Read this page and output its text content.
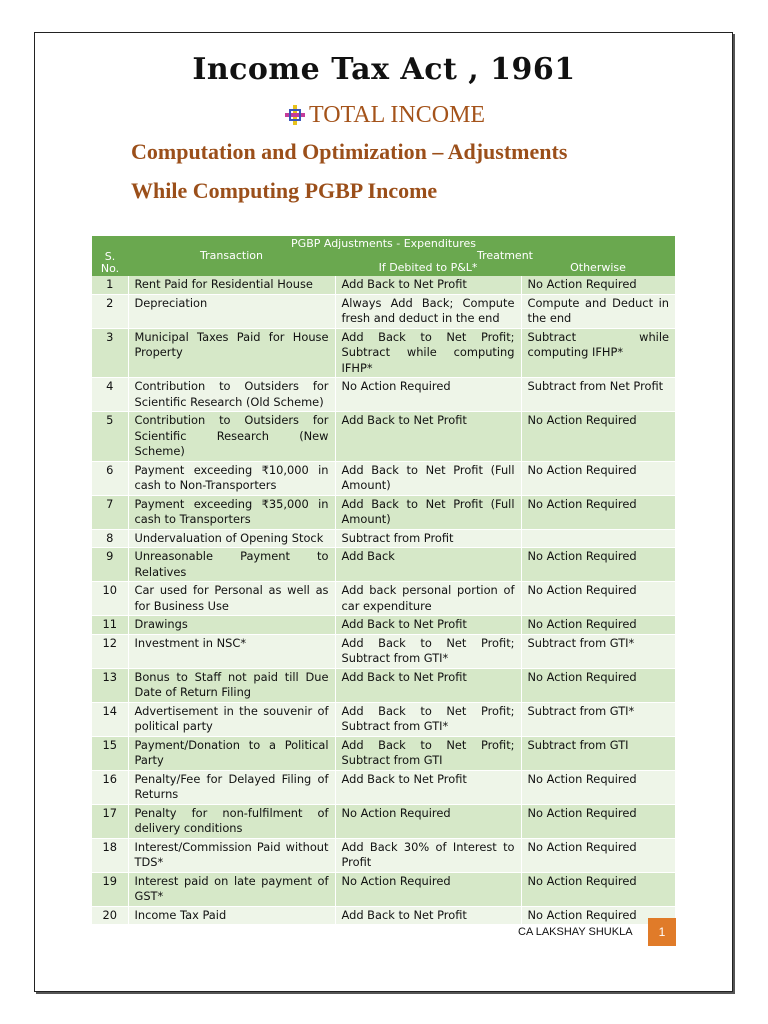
Income Tax Act , 1961
TOTAL INCOME
Computation and Optimization – Adjustments
While Computing PGBP Income
PGBP Adjustments - Expenditures			
S. No.	Transaction	Treatment	
		If Debited to P&L*	Otherwise
1	Rent Paid for Residential House	Add Back to Net Profit	No Action Required
2	Depreciation	Always Add Back; Compute fresh and deduct in the end	Compute and Deduct in the end
3	Municipal Taxes Paid for House Property	Add Back to Net Profit; Subtract while computing IFHP*	Subtract while computing IFHP*
4	Contribution to Outsiders for Scientific Research (Old Scheme)	No Action Required	Subtract from Net Profit
5	Contribution to Outsiders for Scientific Research (New Scheme)	Add Back to Net Profit	No Action Required
6	Payment exceeding ₹10,000 in cash to Non-Transporters	Add Back to Net Profit (Full Amount)	No Action Required
7	Payment exceeding ₹35,000 in cash to Transporters	Add Back to Net Profit (Full Amount)	No Action Required
8	Undervaluation of Opening Stock	Subtract from Profit	
9	Unreasonable Payment to Relatives	Add Back	No Action Required
10	Car used for Personal as well as for Business Use	Add back personal portion of car expenditure	No Action Required
11	Drawings	Add Back to Net Profit	No Action Required
12	Investment in NSC*	Add Back to Net Profit; Subtract from GTI*	Subtract from GTI*
13	Bonus to Staff not paid till Due Date of Return Filing	Add Back to Net Profit	No Action Required
14	Advertisement in the souvenir of political party	Add Back to Net Profit; Subtract from GTI*	Subtract from GTI*
15	Payment/Donation to a Political Party	Add Back to Net Profit; Subtract from GTI	Subtract from GTI
16	Penalty/Fee for Delayed Filing of Returns	Add Back to Net Profit	No Action Required
17	Penalty for non-fulfilment of delivery conditions	No Action Required	No Action Required
18	Interest/Commission Paid without TDS*	Add Back 30% of Interest to Profit	No Action Required
19	Interest paid on late payment of GST*	No Action Required	No Action Required
20	Income Tax Paid	Add Back to Net Profit	No Action Required
CA LAKSHAY SHUKLA	1
